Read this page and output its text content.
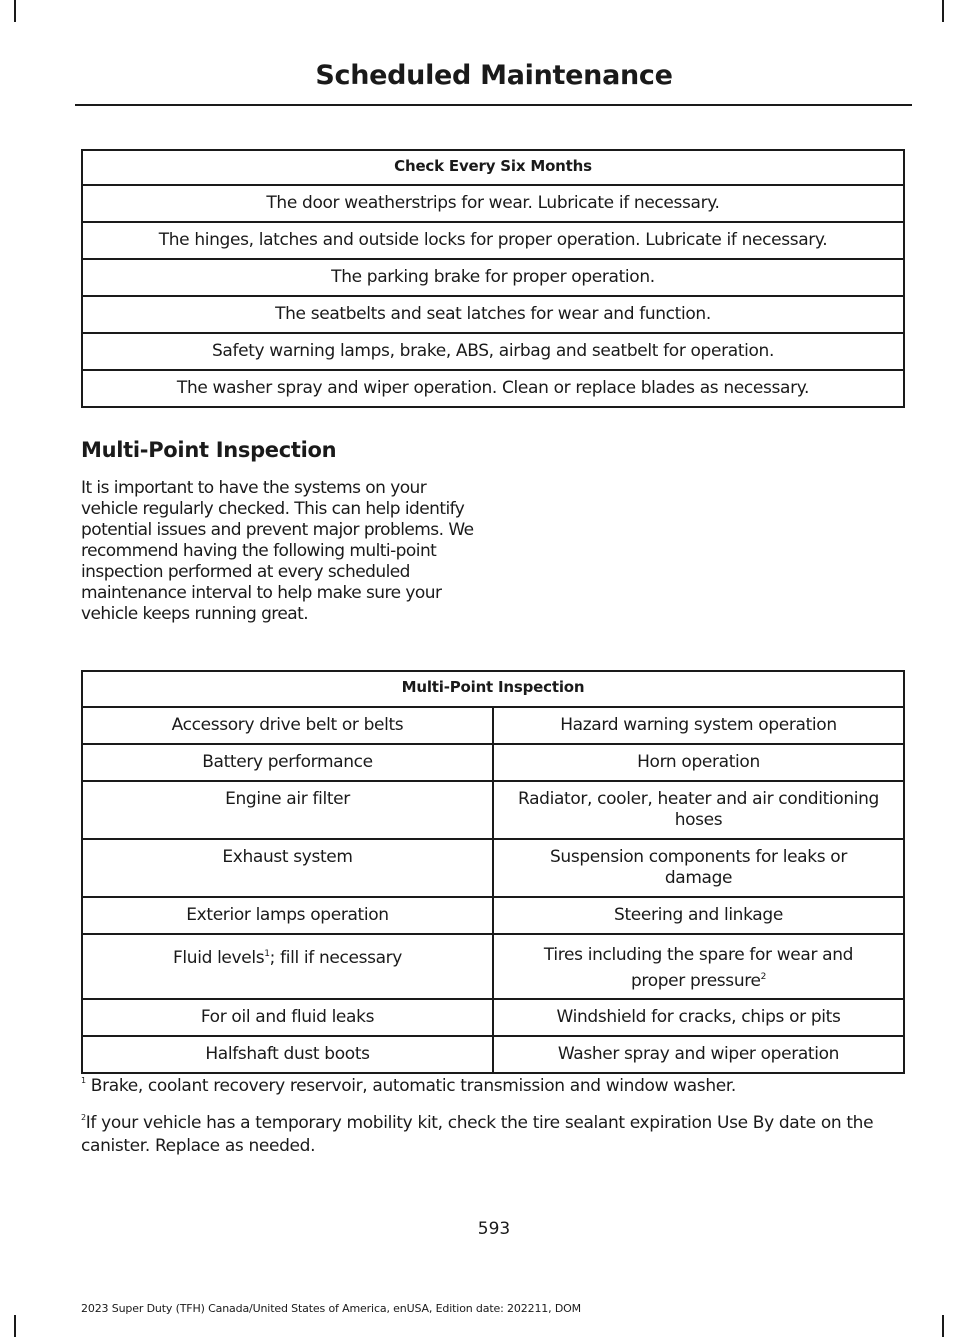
Scheduled Maintenance
Check Every Six Months
The door weatherstrips for wear. Lubricate if necessary.
The hinges, latches and outside locks for proper operation. Lubricate if necessary.
The parking brake for proper operation.
The seatbelts and seat latches for wear and function.
Safety warning lamps, brake, ABS, airbag and seatbelt for operation.
The washer spray and wiper operation. Clean or replace blades as necessary.
Multi-Point Inspection
It is important to have the systems on your vehicle regularly checked. This can help identify potential issues and prevent major problems. We recommend having the following multi-point inspection performed at every scheduled maintenance interval to help make sure your vehicle keeps running great.
Multi-Point Inspection	
Accessory drive belt or belts	Hazard warning system operation
Battery performance	Horn operation
Engine air filter	Radiator, cooler, heater and air conditioning hoses
Exhaust system	Suspension components for leaks or damage
Exterior lamps operation	Steering and linkage
Fluid levels$^1$; fill if necessary	Tires including the spare for wear and proper pressure$^2$
For oil and fluid leaks	Windshield for cracks, chips or pits
Halfshaft dust boots	Washer spray and wiper operation
$^1$ Brake, coolant recovery reservoir, automatic transmission and window washer.
$^2$If your vehicle has a temporary mobility kit, check the tire sealant expiration Use By date on the canister. Replace as needed.
593
2023 Super Duty (TFH) Canada/United States of America, enUSA, Edition date: 202211, DOM
